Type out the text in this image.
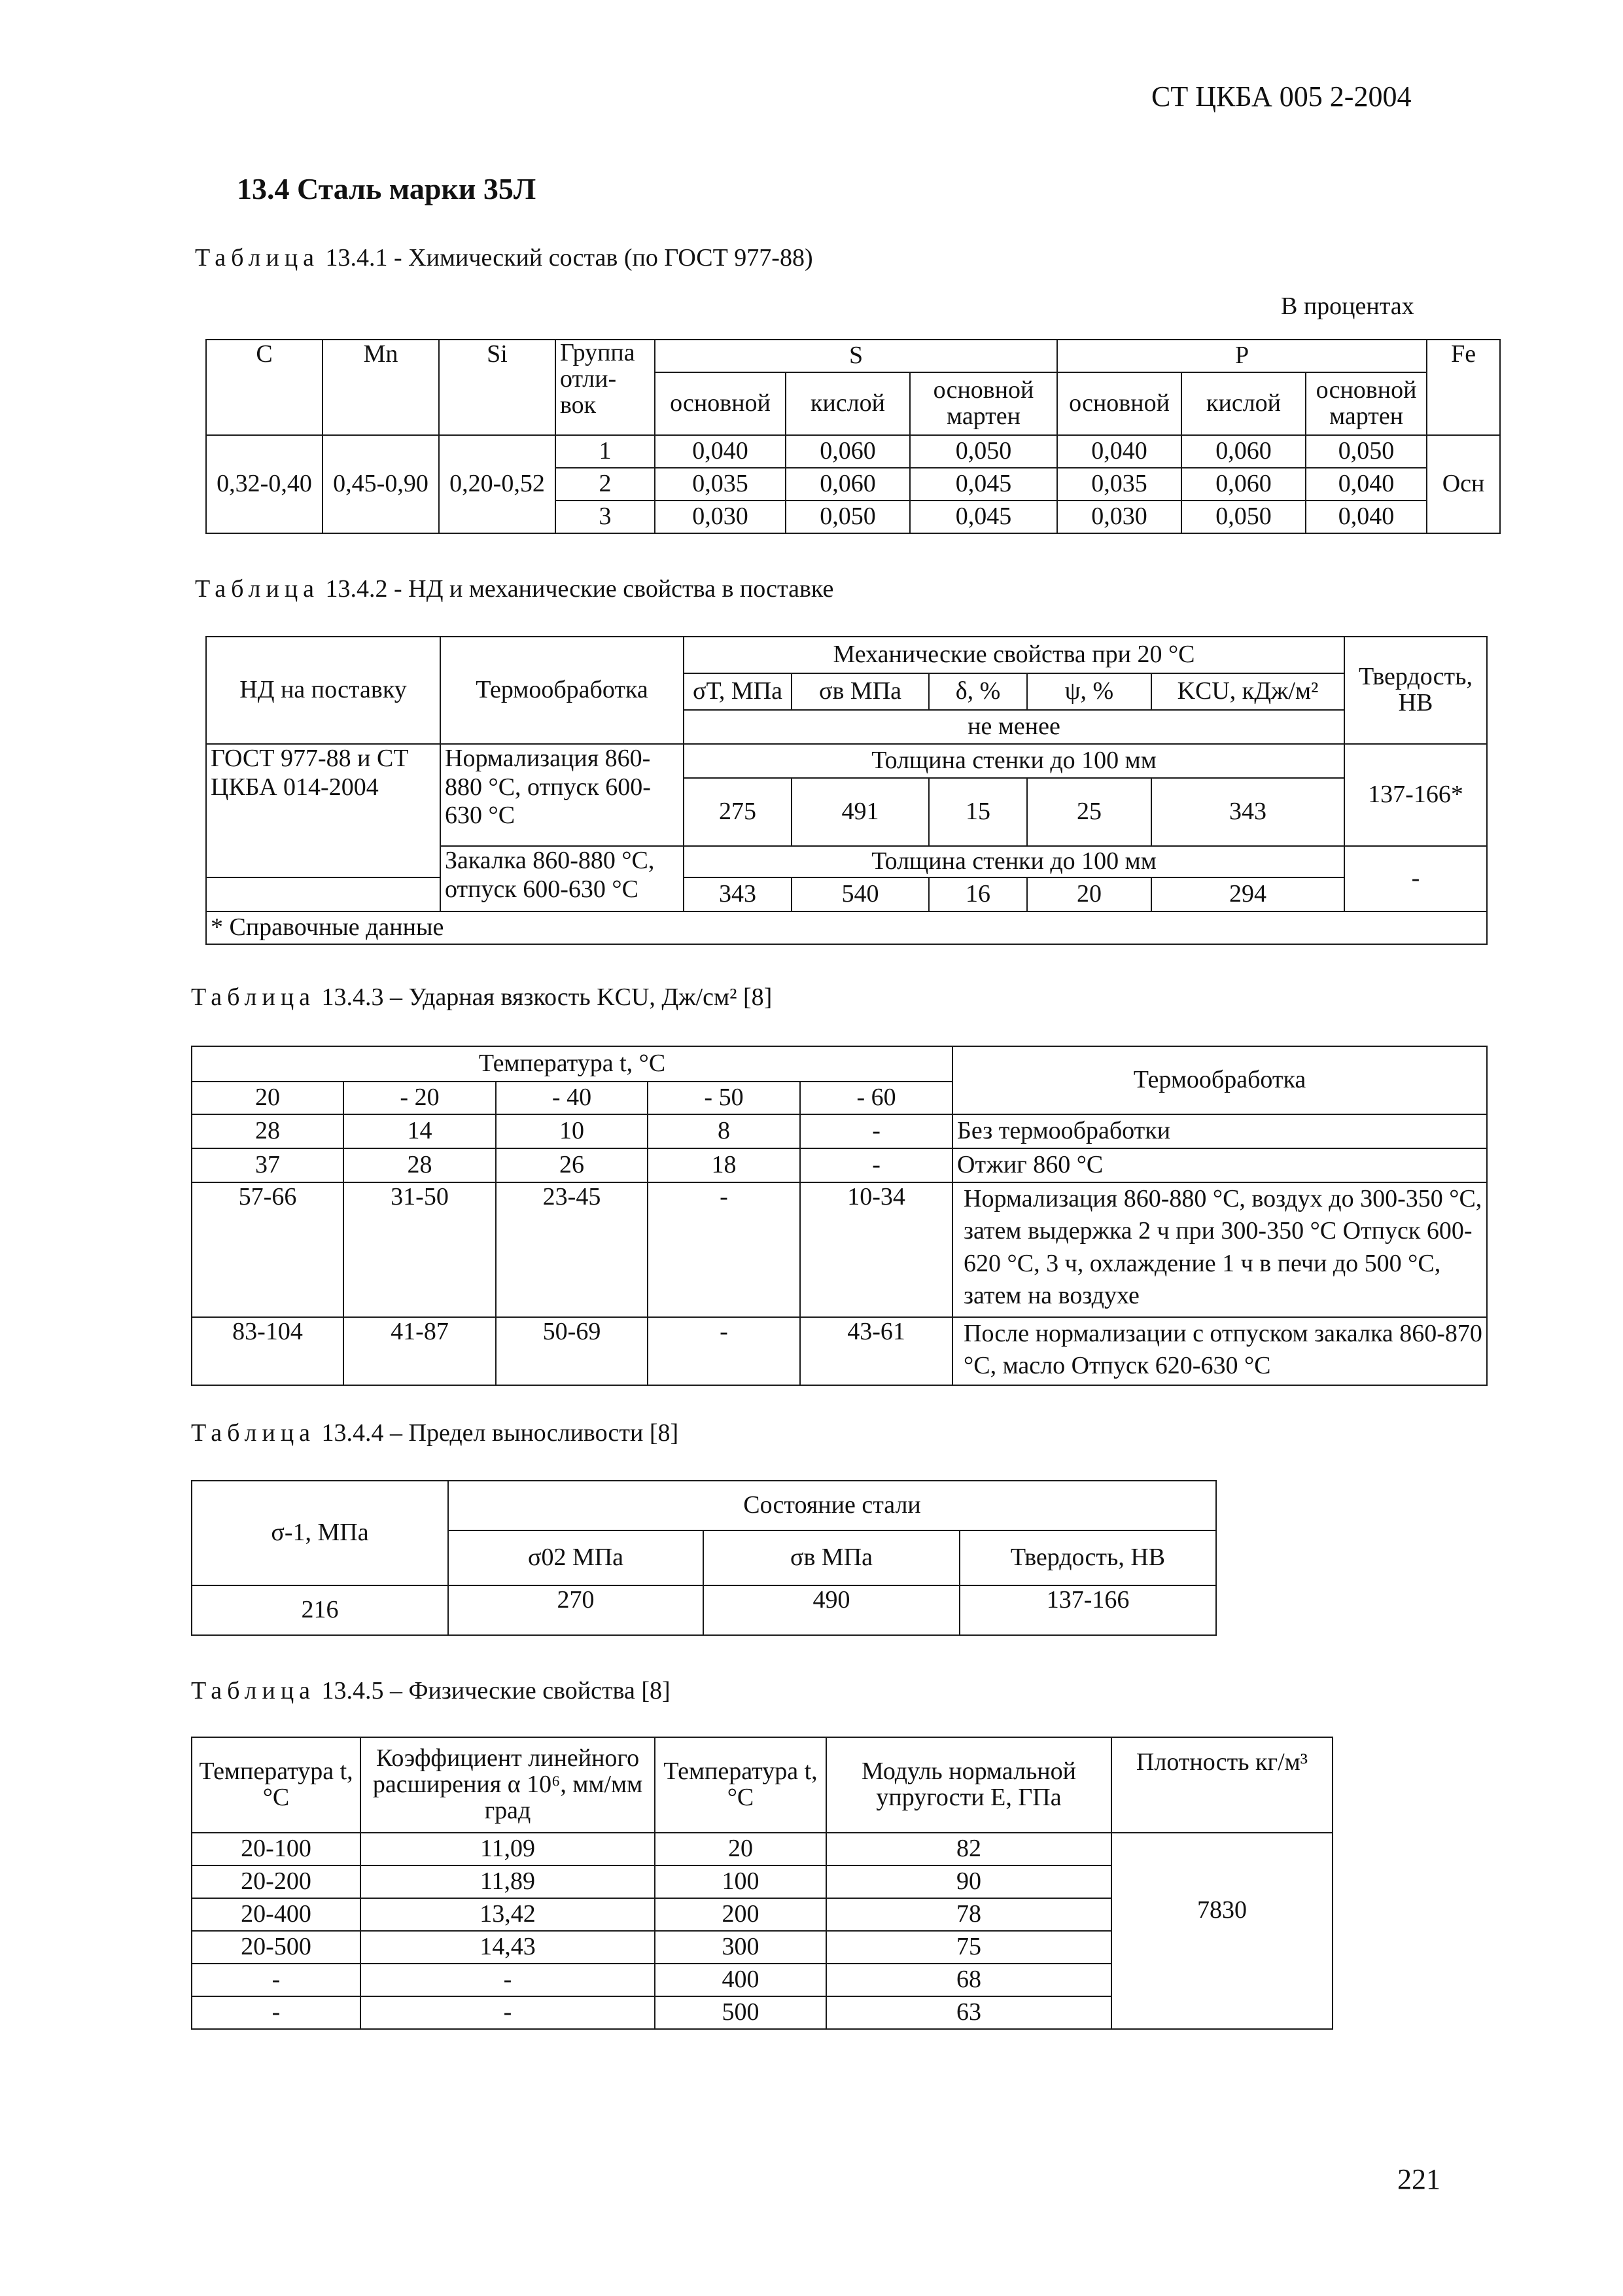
СТ ЦКБА 005 2-2004
13.4 Сталь марки 35Л
Таблица 13.4.1 - Химический состав (по ГОСТ 977-88)
В процентах
C	Mn	Si	Группа отли-вок	S			P			Fe
				основной	кислой	основной мартен	основной	кислой	основной мартен	
0,32-0,40	0,45-0,90	0,20-0,52	1	0,040	0,060	0,050	0,040	0,060	0,050	Осн
			2	0,035	0,060	0,045	0,035	0,060	0,040	
			3	0,030	0,050	0,045	0,030	0,050	0,040	
Таблица 13.4.2 - НД и механические свойства в поставке
НД на поставку	Термообработка	Механические свойства при 20 °С					Твердость, НВ
		σТ, МПа	σв МПа	δ, %	ψ, %	KCU, кДж/м²	
		не менее					
ГОСТ 977-88 и СТ ЦКБА 014-2004	Нормализация 860-880 °С, отпуск 600-630 °С	Толщина стенки до 100 мм					137-166*
		275	491	15	25	343	
	Закалка 860-880 °С, отпуск 600-630 °С	Толщина стенки до 100 мм					-
		343	540	16	20	294	
* Справочные данные							
Таблица 13.4.3 – Ударная вязкость KCU, Дж/см² [8]
Температура t, °С					Термообработка
20	- 20	- 40	- 50	- 60	
28	14	10	8	-	Без термообработки
37	28	26	18	-	Отжиг 860 °С
57-66	31-50	23-45	-	10-34	Нормализация 860-880 °С, воздух до 300-350 °С, затем выдержка 2 ч при 300-350 °С Отпуск 600-620 °С, 3 ч, охлаждение 1 ч в печи до 500 °С, затем на воздухе
83-104	41-87	50-69	-	43-61	После нормализации с отпуском закалка 860-870 °С, масло Отпуск 620-630 °С
Таблица 13.4.4 – Предел выносливости [8]
σ-1, МПа	Состояние стали		
	σ02 МПа	σв МПа	Твердость, НВ
216	270	490	137-166
Таблица 13.4.5 – Физические свойства [8]
Температура t, °С	Коэффициент линейного расширения α 10⁶, мм/мм град	Температура t, °С	Модуль нормальной упругости Е, ГПа	Плотность кг/м³
20-100	11,09	20	82	7830
20-200	11,89	100	90	
20-400	13,42	200	78	
20-500	14,43	300	75	
-	-	400	68	
-	-	500	63	
221
